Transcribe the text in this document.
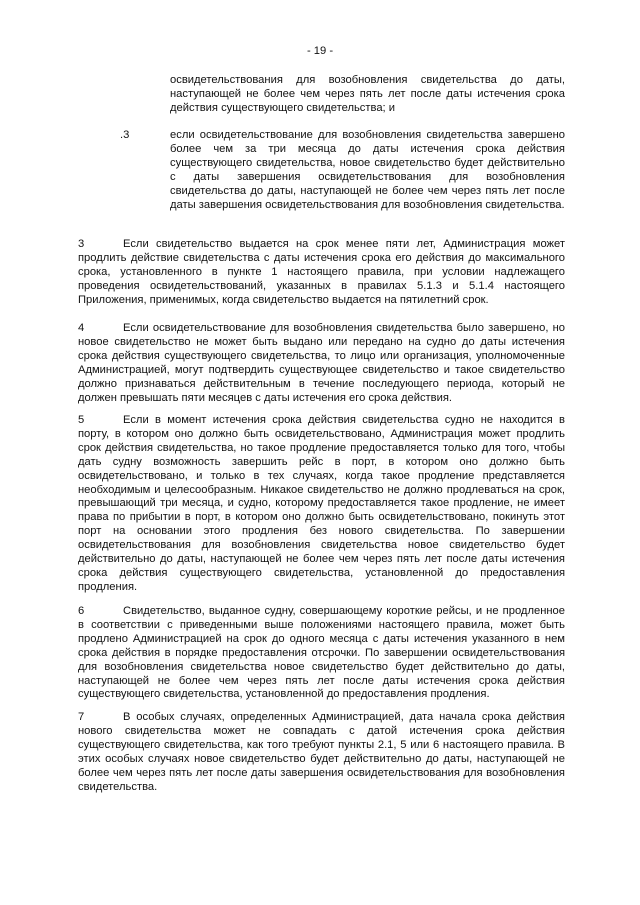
- 19 -
освидетельствования для возобновления свидетельства до даты, наступающей не более чем через пять лет после даты истечения срока действия существующего свидетельства; и
.3	если освидетельствование для возобновления свидетельства завершено более чем за три месяца до даты истечения срока действия существующего свидетельства, новое свидетельство будет действительно с даты завершения освидетельствования для возобновления свидетельства до даты, наступающей не более чем через пять лет после даты завершения освидетельствования для возобновления свидетельства.
3	Если свидетельство выдается на срок менее пяти лет, Администрация может продлить действие свидетельства с даты истечения срока его действия до максимального срока, установленного в пункте 1 настоящего правила, при условии надлежащего проведения освидетельствований, указанных в правилах 5.1.3 и 5.1.4 настоящего Приложения, применимых, когда свидетельство выдается на пятилетний срок.
4	Если освидетельствование для возобновления свидетельства было завершено, но новое свидетельство не может быть выдано или передано на судно до даты истечения срока действия существующего свидетельства, то лицо или организация, уполномоченные Администрацией, могут подтвердить существующее свидетельство и такое свидетельство должно признаваться действительным в течение последующего периода, который не должен превышать пяти месяцев с даты истечения его срока действия.
5	Если в момент истечения срока действия свидетельства судно не находится в порту, в котором оно должно быть освидетельствовано, Администрация может продлить срок действия свидетельства, но такое продление предоставляется только для того, чтобы дать судну возможность завершить рейс в порт, в котором оно должно быть освидетельствовано, и только в тех случаях, когда такое продление представляется необходимым и целесообразным. Никакое свидетельство не должно продлеваться на срок, превышающий три месяца, и судно, которому предоставляется такое продление, не имеет права по прибытии в порт, в котором оно должно быть освидетельствовано, покинуть этот порт на основании этого продления без нового свидетельства. По завершении освидетельствования для возобновления свидетельства новое свидетельство будет действительно до даты, наступающей не более чем через пять лет после даты истечения срока действия существующего свидетельства, установленной до предоставления продления.
6	Свидетельство, выданное судну, совершающему короткие рейсы, и не продленное в соответствии с приведенными выше положениями настоящего правила, может быть продлено Администрацией на срок до одного месяца с даты истечения указанного в нем срока действия в порядке предоставления отсрочки. По завершении освидетельствования для возобновления свидетельства новое свидетельство будет действительно до даты, наступающей не более чем через пять лет после даты истечения срока действия существующего свидетельства, установленной до предоставления продления.
7	В особых случаях, определенных Администрацией, дата начала срока действия нового свидетельства может не совпадать с датой истечения срока действия существующего свидетельства, как того требуют пункты 2.1, 5 или 6 настоящего правила. В этих особых случаях новое свидетельство будет действительно до даты, наступающей не более чем через пять лет после даты завершения освидетельствования для возобновления свидетельства.
